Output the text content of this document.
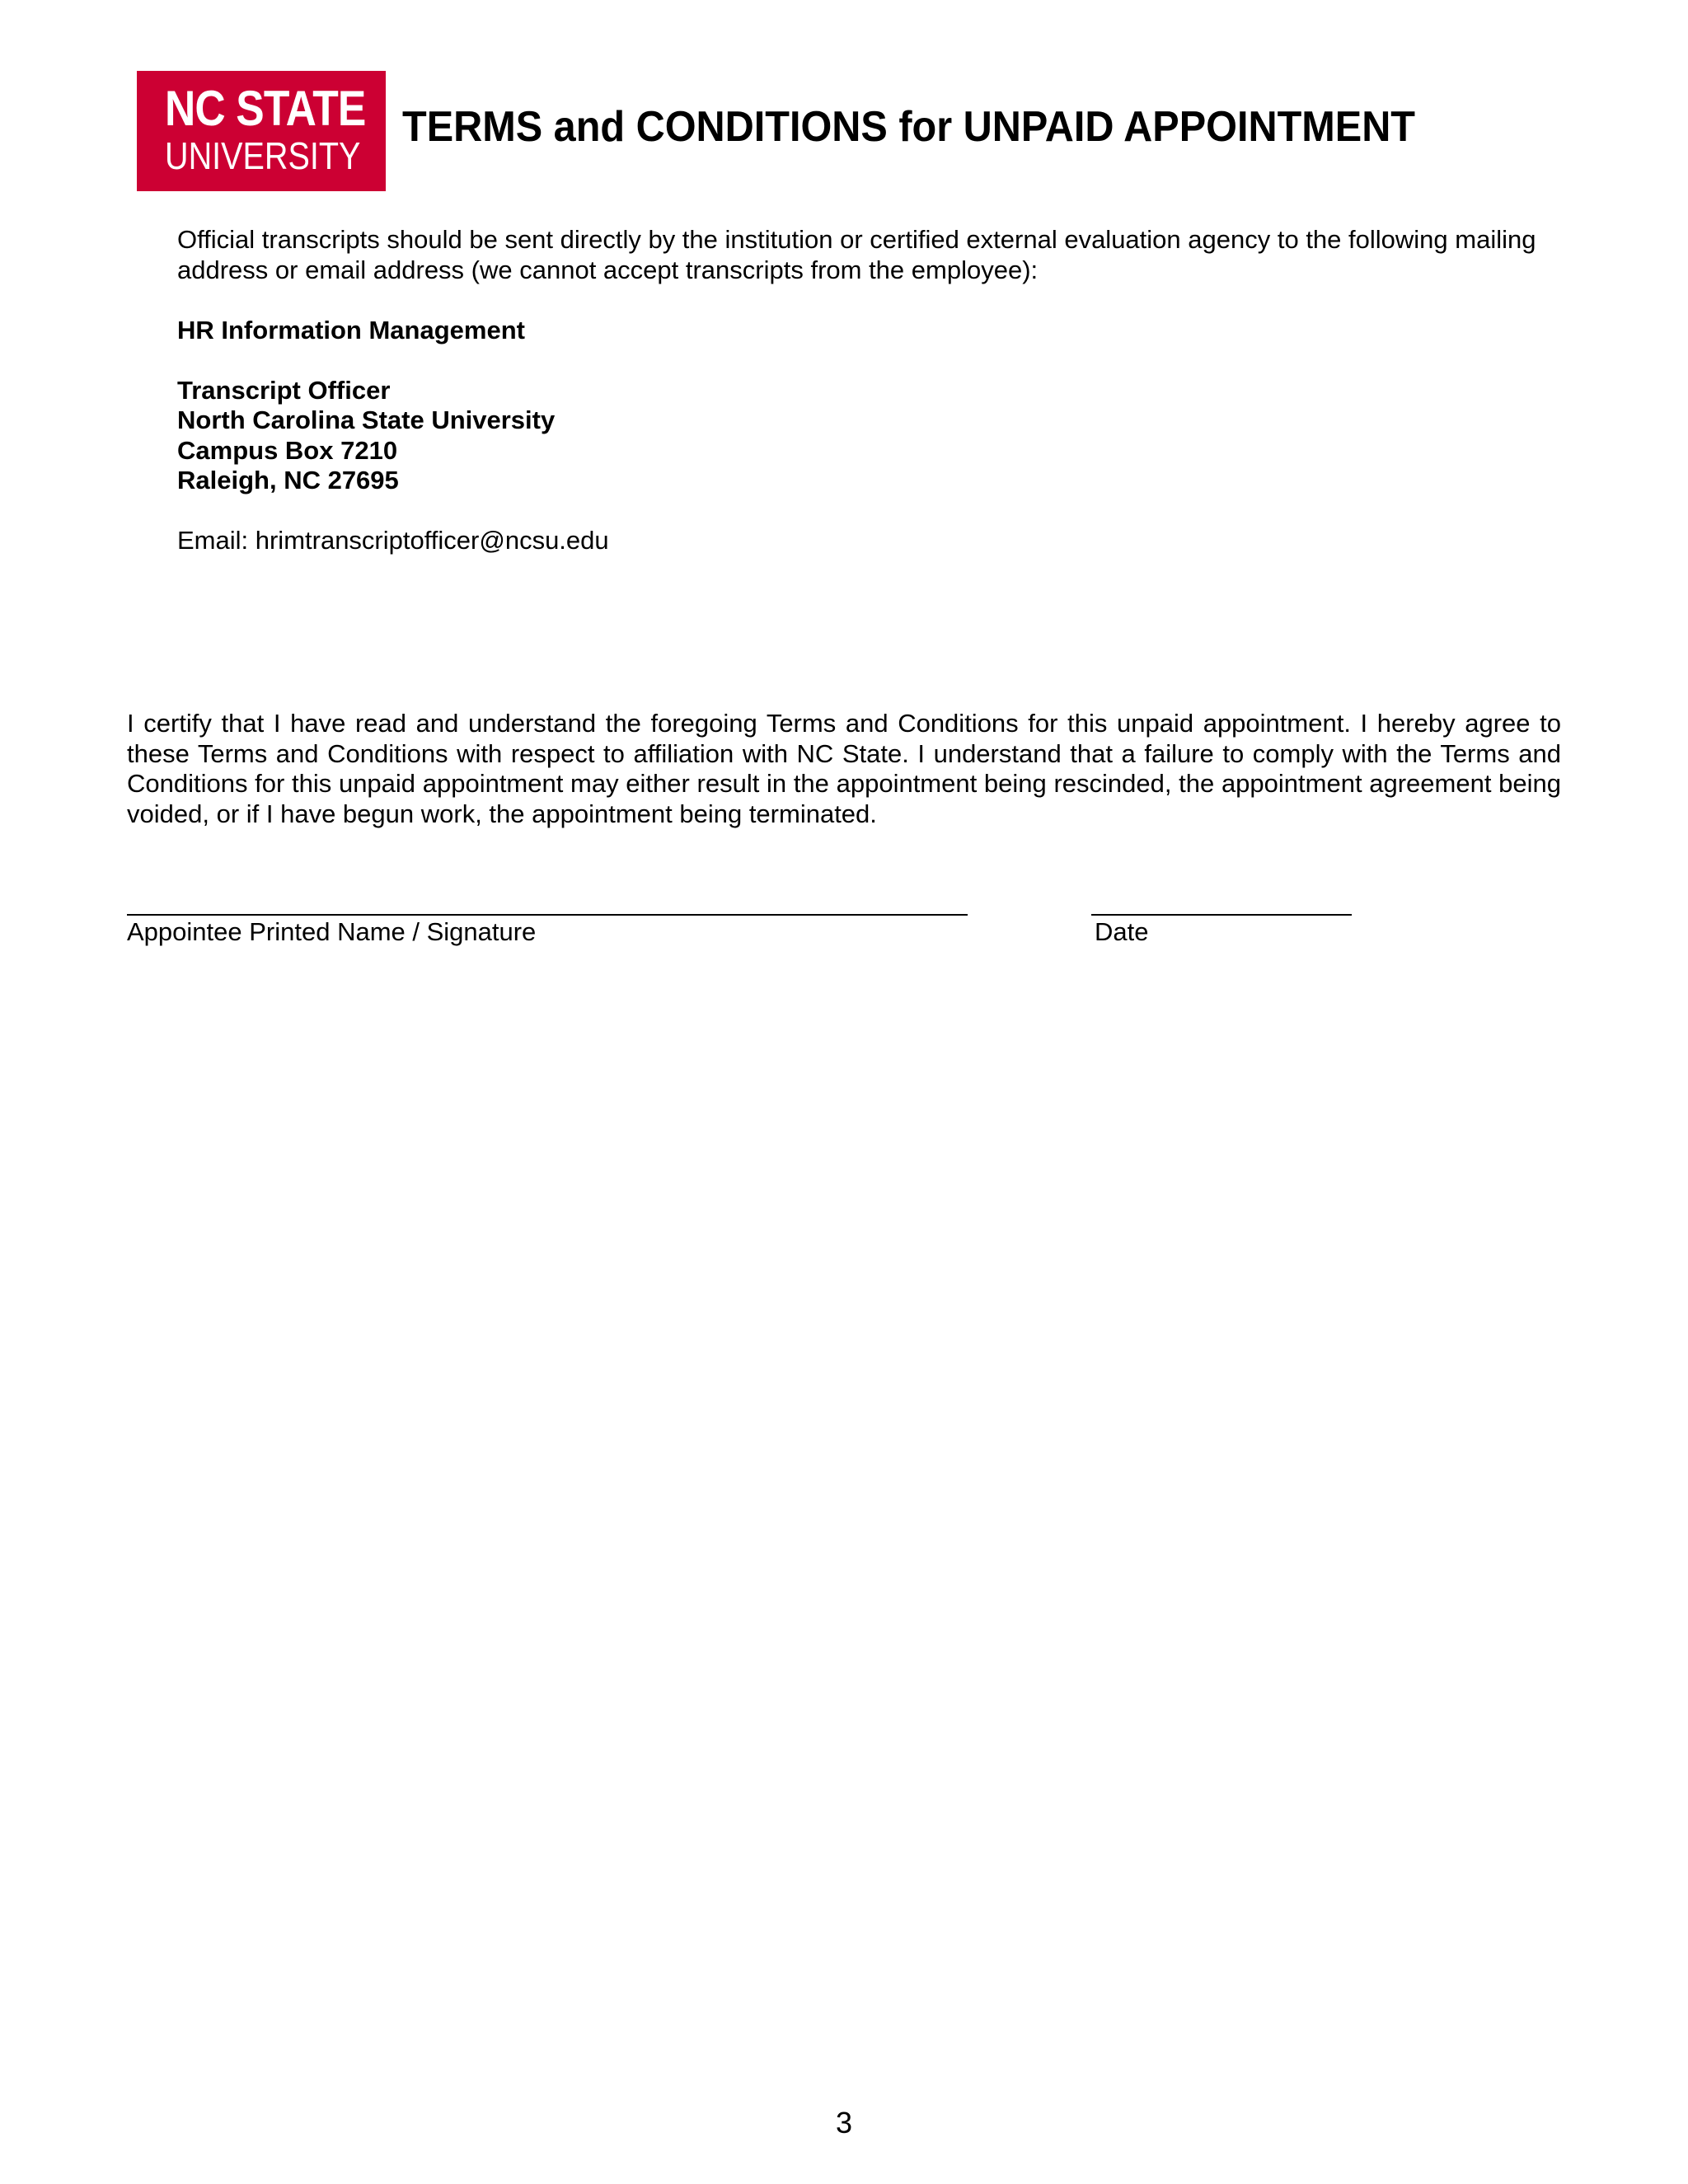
NC STATE
UNIVERSITY
TERMS and CONDITIONS for UNPAID APPOINTMENT
Official transcripts should be sent directly by the institution or certified external evaluation agency to the following mailing address or email address (we cannot accept transcripts from the employee):
HR Information Management
Transcript Officer
North Carolina State University
Campus Box 7210
Raleigh, NC 27695
Email: hrimtranscriptofficer@ncsu.edu
I certify that I have read and understand the foregoing Terms and Conditions for this unpaid appointment. I hereby agree to these Terms and Conditions with respect to affiliation with NC State. I understand that a failure to comply with the Terms and Conditions for this unpaid appointment may either result in the appointment being rescinded, the appointment agreement being voided, or if I have begun work, the appointment being terminated.
Appointee Printed Name / Signature	Date
3
